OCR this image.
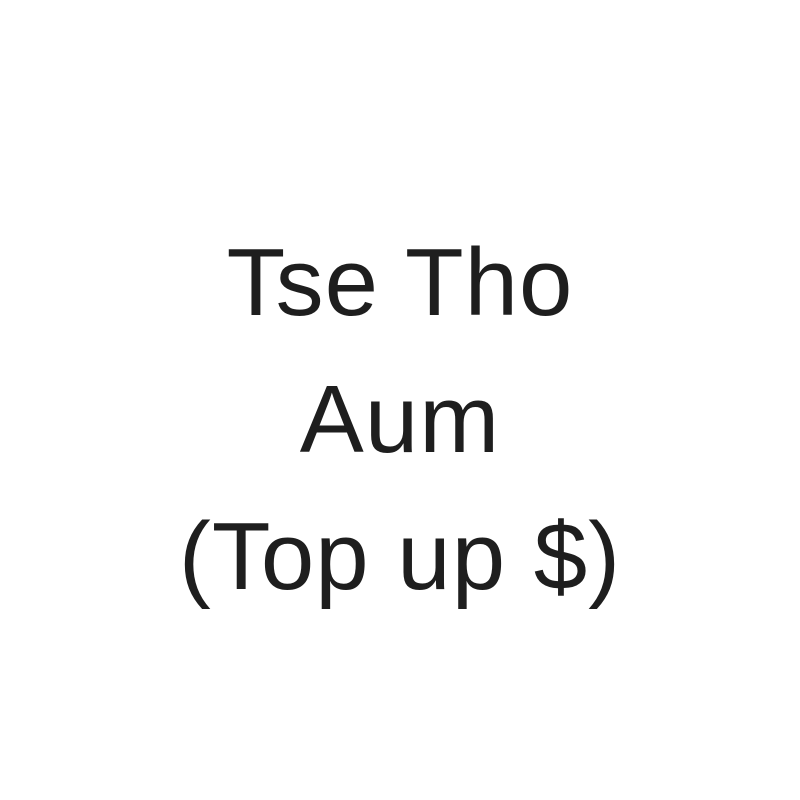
Tse Tho
Aum
(Top up $)
